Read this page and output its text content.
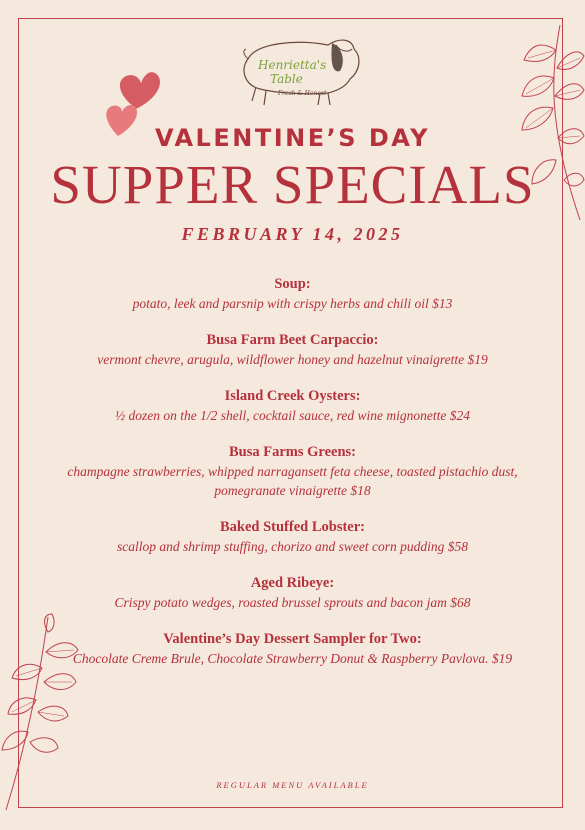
Henrietta's
Table
Fresh & Honest
VALENTINE’S DAY
SUPPER SPECIALS
FEBRUARY 14, 2025
Soup:
potato, leek and parsnip with crispy herbs and chili oil $13
Busa Farm Beet Carpaccio:
vermont chevre, arugula, wildflower honey and hazelnut vinaigrette $19
Island Creek Oysters:
½ dozen on the 1/2 shell, cocktail sauce, red wine mignonette $24
Busa Farms Greens:
champagne strawberries, whipped narragansett feta cheese, toasted pistachio dust, pomegranate vinaigrette $18
Baked Stuffed Lobster:
scallop and shrimp stuffing, chorizo and sweet corn pudding $58
Aged Ribeye:
Crispy potato wedges, roasted brussel sprouts and bacon jam $68
Valentine’s Day Dessert Sampler for Two:
Chocolate Creme Brule, Chocolate Strawberry Donut & Raspberry Pavlova. $19
REGULAR MENU AVAILABLE
